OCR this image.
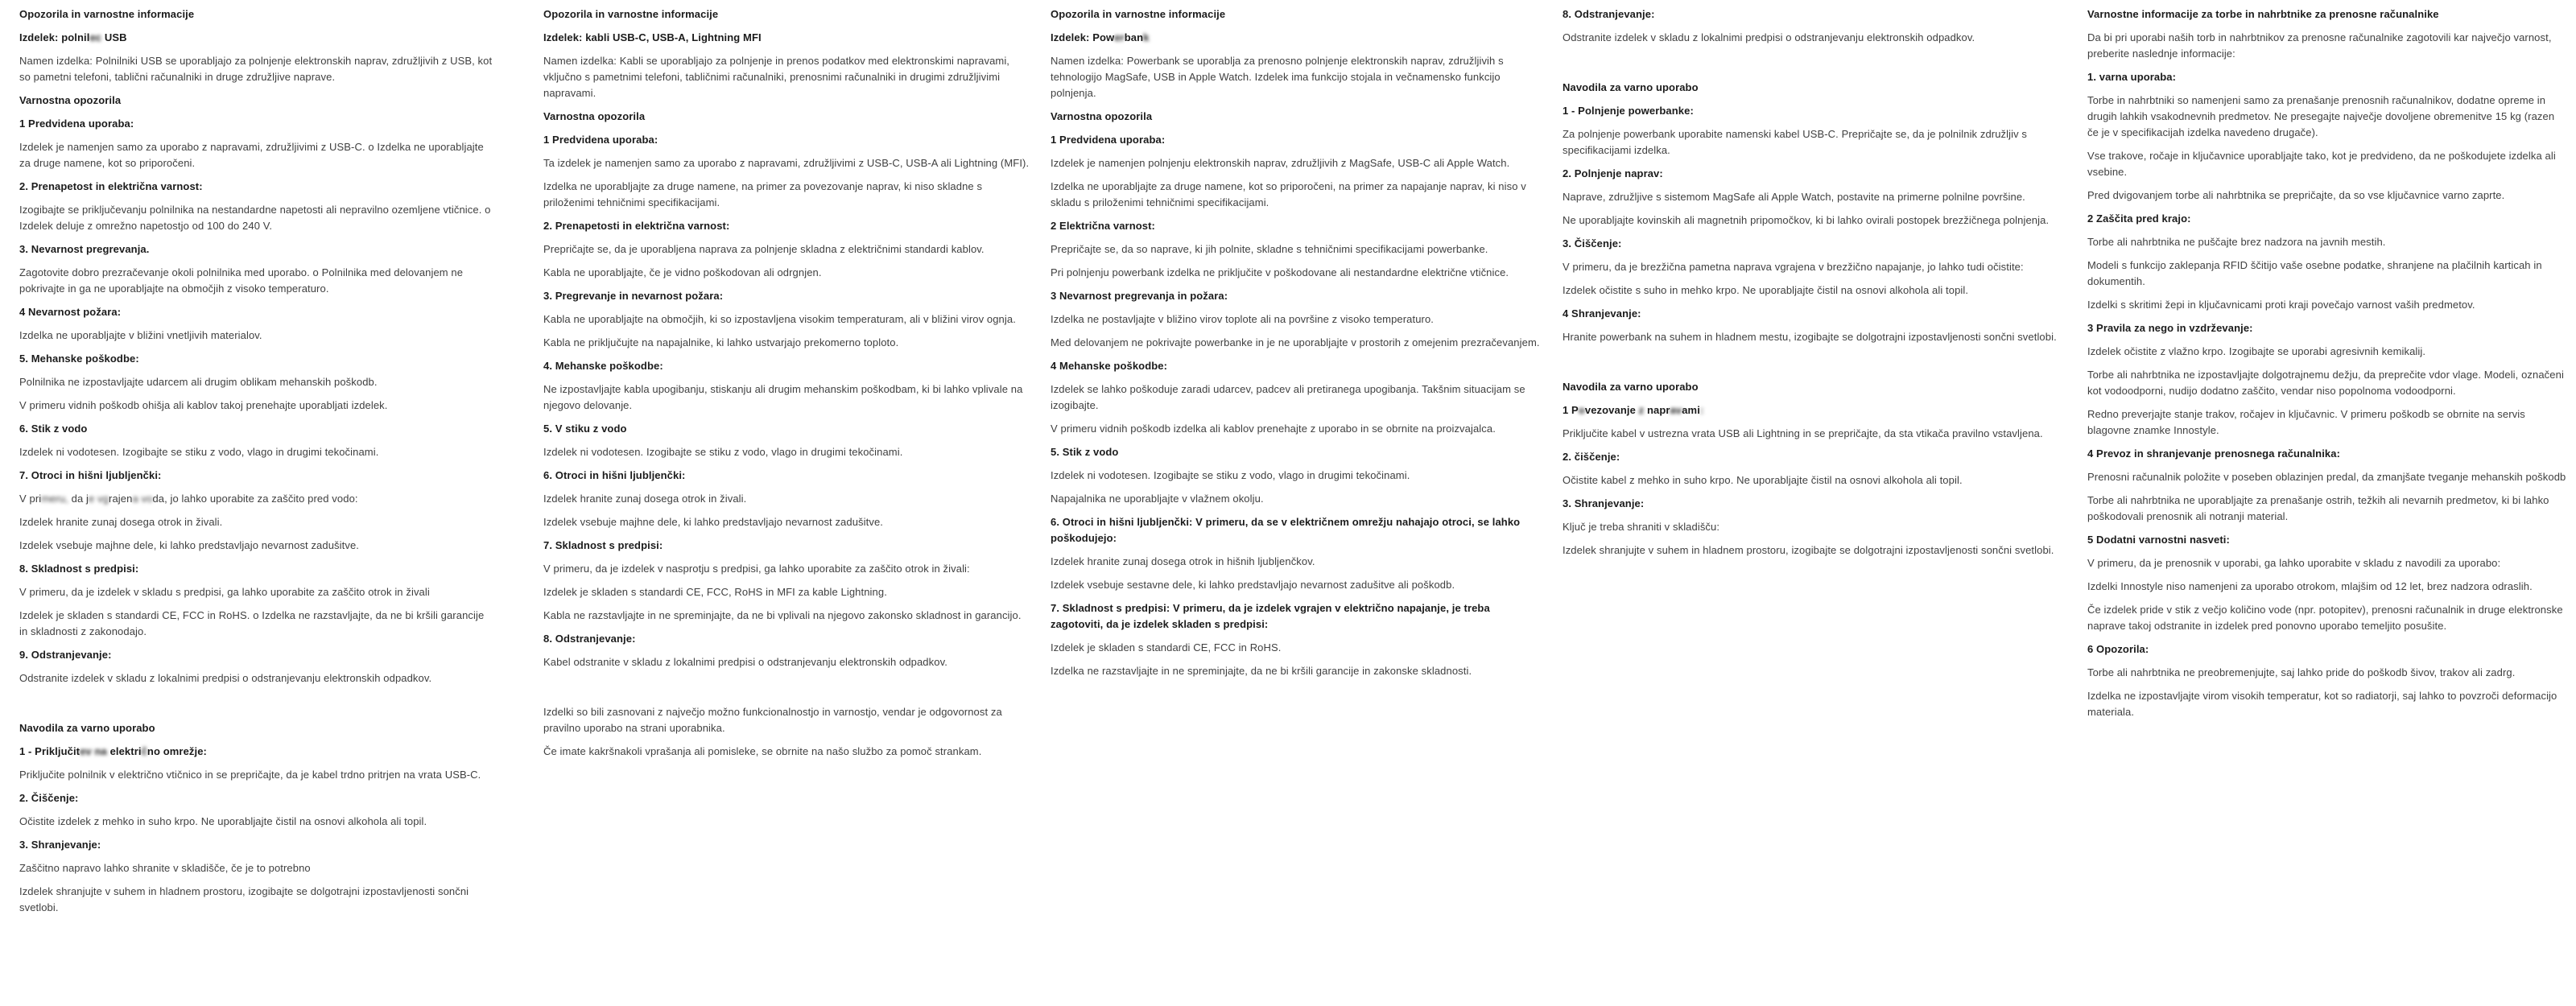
Opozorila in varnostne informacije
Izdelek: polnilec USB

Namen izdelka: Polnilniki USB se uporabljajo za polnjenje elektronskih naprav, združljivih z USB, kot so pametni telefoni, tablični računalniki in druge združljive naprave.

Varnostna opozorila
1 Predvidena uporaba:

Izdelek je namenjen samo za uporabo z napravami, združljivimi z USB-C. o Izdelka ne uporabljajte za druge namene, kot so priporočeni.

2. Prenapetost in električna varnost:

Izogibajte se priključevanju polnilnika na nestandardne napetosti ali nepravilno ozemljene vtičnice. o Izdelek deluje z omrežno napetostjo od 100 do 240 V.

3. Nevarnost pregrevanja.

Zagotovite dobro prezračevanje okoli polnilnika med uporabo. o Polnilnika med delovanjem ne pokrivajte in ga ne uporabljajte na območjih z visoko temperaturo.

4 Nevarnost požara:

Izdelka ne uporabljajte v bližini vnetljivih materialov.

5. Mehanske poškodbe:

Polnilnika ne izpostavljajte udarcem ali drugim oblikam mehanskih poškodb.

V primeru vidnih poškodb ohišja ali kablov takoj prenehajte uporabljati izdelek.

6. Stik z vodo

Izdelek ni vodotesen. Izogibajte se stiku z vodo, vlago in drugimi tekočinami.

7. Otroci in hišni ljubljenčki:

V primeru, da je vgrajena voda, jo lahko uporabite za zaščito pred vodo:

Izdelek hranite zunaj dosega otrok in živali.

Izdelek vsebuje majhne dele, ki lahko predstavljajo nevarnost zadušitve.

8. Skladnost s predpisi:

V primeru, da je izdelek v skladu s predpisi, ga lahko uporabite za zaščito otrok in živali

Izdelek je skladen s standardi CE, FCC in RoHS. o Izdelka ne razstavljajte, da ne bi kršili garancije in skladnosti z zakonodajo.

9. Odstranjevanje:

Odstranite izdelek v skladu z lokalnimi predpisi o odstranjevanju elektronskih odpadkov.

Navodila za varno uporabo
1 - Priključitev na električno omrežje:

Priključite polnilnik v električno vtičnico in se prepričajte, da je kabel trdno pritrjen na vrata USB-C.

2. Čiščenje:

Očistite izdelek z mehko in suho krpo. Ne uporabljajte čistil na osnovi alkohola ali topil.

3. Shranjevanje:

Zaščitno napravo lahko shranite v skladišče, če je to potrebno

Izdelek shranjujte v suhem in hladnem prostoru, izogibajte se dolgotrajni izpostavljenosti sončni svetlobi.

Opozorila in varnostne informacije
Izdelek: kabli USB-C, USB-A, Lightning MFI

Namen izdelka: Kabli se uporabljajo za polnjenje in prenos podatkov med elektronskimi napravami, vključno s pametnimi telefoni, tabličnimi računalniki, prenosnimi računalniki in drugimi združljivimi napravami.

Varnostna opozorila
1 Predvidena uporaba:

Ta izdelek je namenjen samo za uporabo z napravami, združljivimi z USB-C, USB-A ali Lightning (MFI).

Izdelka ne uporabljajte za druge namene, na primer za povezovanje naprav, ki niso skladne s priloženimi tehničnimi specifikacijami.

2. Prenapetosti in električna varnost:

Prepričajte se, da je uporabljena naprava za polnjenje skladna z električnimi standardi kablov.

Kabla ne uporabljajte, če je vidno poškodovan ali odrgnjen.

3. Pregrevanje in nevarnost požara:

Kabla ne uporabljajte na območjih, ki so izpostavljena visokim temperaturam, ali v bližini virov ognja.

Kabla ne priključujte na napajalnike, ki lahko ustvarjajo prekomerno toploto.

4. Mehanske poškodbe:

Ne izpostavljajte kabla upogibanju, stiskanju ali drugim mehanskim poškodbam, ki bi lahko vplivale na njegovo delovanje.

5. V stiku z vodo

Izdelek ni vodotesen. Izogibajte se stiku z vodo, vlago in drugimi tekočinami.

6. Otroci in hišni ljubljenčki:

Izdelek hranite zunaj dosega otrok in živali.

Izdelek vsebuje majhne dele, ki lahko predstavljajo nevarnost zadušitve.

7. Skladnost s predpisi:

V primeru, da je izdelek v nasprotju s predpisi, ga lahko uporabite za zaščito otrok in živali:

Izdelek je skladen s standardi CE, FCC, RoHS in MFI za kable Lightning.

Kabla ne razstavljajte in ne spreminjajte, da ne bi vplivali na njegovo zakonsko skladnost in garancijo.

8. Odstranjevanje:

Kabel odstranite v skladu z lokalnimi predpisi o odstranjevanju elektronskih odpadkov.

Izdelki so bili zasnovani z največjo možno funkcionalnostjo in varnostjo, vendar je odgovornost za pravilno uporabo na strani uporabnika.

Če imate kakršnakoli vprašanja ali pomisleke, se obrnite na našo službo za pomoč strankam.

Opozorila in varnostne informacije
Izdelek: Powerbank

Namen izdelka: Powerbank se uporablja za prenosno polnjenje elektronskih naprav, združljivih s tehnologijo MagSafe, USB in Apple Watch. Izdelek ima funkcijo stojala in večnamensko funkcijo polnjenja.

Varnostna opozorila
1 Predvidena uporaba:

Izdelek je namenjen polnjenju elektronskih naprav, združljivih z MagSafe, USB-C ali Apple Watch.

Izdelka ne uporabljajte za druge namene, kot so priporočeni, na primer za napajanje naprav, ki niso v skladu s priloženimi tehničnimi specifikacijami.

2 Električna varnost:

Prepričajte se, da so naprave, ki jih polnite, skladne s tehničnimi specifikacijami powerbanke.

Pri polnjenju powerbank izdelka ne priključite v poškodovane ali nestandardne električne vtičnice.

3 Nevarnost pregrevanja in požara:

Izdelka ne postavljajte v bližino virov toplote ali na površine z visoko temperaturo.

Med delovanjem ne pokrivajte powerbanke in je ne uporabljajte v prostorih z omejenim prezračevanjem.

4 Mehanske poškodbe:

Izdelek se lahko poškoduje zaradi udarcev, padcev ali pretiranega upogibanja. Takšnim situacijam se izogibajte.

V primeru vidnih poškodb izdelka ali kablov prenehajte z uporabo in se obrnite na proizvajalca.

5. Stik z vodo

Izdelek ni vodotesen. Izogibajte se stiku z vodo, vlago in drugimi tekočinami.

Napajalnika ne uporabljajte v vlažnem okolju.

6. Otroci in hišni ljubljenčki: V primeru, da se v električnem omrežju nahajajo otroci, se lahko poškodujejo:

Izdelek hranite zunaj dosega otrok in hišnih ljubljenčkov.

Izdelek vsebuje sestavne dele, ki lahko predstavljajo nevarnost zadušitve ali poškodb.

7. Skladnost s predpisi: V primeru, da je izdelek vgrajen v električno napajanje, je treba zagotoviti, da je izdelek skladen s predpisi:

Izdelek je skladen s standardi CE, FCC in RoHS.

Izdelka ne razstavljajte in ne spreminjajte, da ne bi kršili garancije in zakonske skladnosti.

8. Odstranjevanje:

Odstranite izdelek v skladu z lokalnimi predpisi o odstranjevanju elektronskih odpadkov.

Navodila za varno uporabo
1 - Polnjenje powerbanke:

Za polnjenje powerbank uporabite namenski kabel USB-C. Prepričajte se, da je polnilnik združljiv s specifikacijami izdelka.

2. Polnjenje naprav:

Naprave, združljive s sistemom MagSafe ali Apple Watch, postavite na primerne polnilne površine.

Ne uporabljajte kovinskih ali magnetnih pripomočkov, ki bi lahko ovirali postopek brezžičnega polnjenja.

3. Čiščenje:

V primeru, da je brezžična pametna naprava vgrajena v brezžično napajanje, jo lahko tudi očistite:

Izdelek očistite s suho in mehko krpo. Ne uporabljajte čistil na osnovi alkohola ali topil.

4 Shranjevanje:

Hranite powerbank na suhem in hladnem mestu, izogibajte se dolgotrajni izpostavljenosti sončni svetlobi.

Navodila za varno uporabo
1 Povezovanje z napravami:

Priključite kabel v ustrezna vrata USB ali Lightning in se prepričajte, da sta vtikača pravilno vstavljena.

2. čiščenje:

Očistite kabel z mehko in suho krpo. Ne uporabljajte čistil na osnovi alkohola ali topil.

3. Shranjevanje:

Ključ je treba shraniti v skladišču:

Izdelek shranjujte v suhem in hladnem prostoru, izogibajte se dolgotrajni izpostavljenosti sončni svetlobi.

Varnostne informacije za torbe in nahrbtnike za prenosne računalnike

Da bi pri uporabi naših torb in nahrbtnikov za prenosne računalnike zagotovili kar največjo varnost, preberite naslednje informacije:

1. varna uporaba:

Torbe in nahrbtniki so namenjeni samo za prenašanje prenosnih računalnikov, dodatne opreme in drugih lahkih vsakodnevnih predmetov. Ne presegajte največje dovoljene obremenitve 15 kg (razen če je v specifikacijah izdelka navedeno drugače).

Vse trakove, ročaje in ključavnice uporabljajte tako, kot je predvideno, da ne poškodujete izdelka ali vsebine.

Pred dvigovanjem torbe ali nahrbtnika se prepričajte, da so vse ključavnice varno zaprte.

2 Zaščita pred krajo:

Torbe ali nahrbtnika ne puščajte brez nadzora na javnih mestih.

Modeli s funkcijo zaklepanja RFID ščitijo vaše osebne podatke, shranjene na plačilnih karticah in dokumentih.

Izdelki s skritimi žepi in ključavnicami proti kraji povečajo varnost vaših predmetov.

3 Pravila za nego in vzdrževanje:

Izdelek očistite z vlažno krpo. Izogibajte se uporabi agresivnih kemikalij.

Torbe ali nahrbtnika ne izpostavljajte dolgotrajnemu dežju, da preprečite vdor vlage. Modeli, označeni kot vodoodporni, nudijo dodatno zaščito, vendar niso popolnoma vodoodporni.

Redno preverjajte stanje trakov, ročajev in ključavnic. V primeru poškodb se obrnite na servis blagovne znamke Innostyle.

4 Prevoz in shranjevanje prenosnega računalnika:

Prenosni računalnik položite v poseben oblazinjen predal, da zmanjšate tveganje mehanskih poškodb

Torbe ali nahrbtnika ne uporabljajte za prenašanje ostrih, težkih ali nevarnih predmetov, ki bi lahko poškodovali prenosnik ali notranji material.

5 Dodatni varnostni nasveti:

V primeru, da je prenosnik v uporabi, ga lahko uporabite v skladu z navodili za uporabo:

Izdelki Innostyle niso namenjeni za uporabo otrokom, mlajšim od 12 let, brez nadzora odraslih.

Če izdelek pride v stik z večjo količino vode (npr. potopitev), prenosni računalnik in druge elektronske naprave takoj odstranite in izdelek pred ponovno uporabo temeljito posušite.

6 Opozorila:

Torbe ali nahrbtnika ne preobremenjujte, saj lahko pride do poškodb šivov, trakov ali zadrg.

Izdelka ne izpostavljajte virom visokih temperatur, kot so radiatorji, saj lahko to povzroči deformacijo materiala.
